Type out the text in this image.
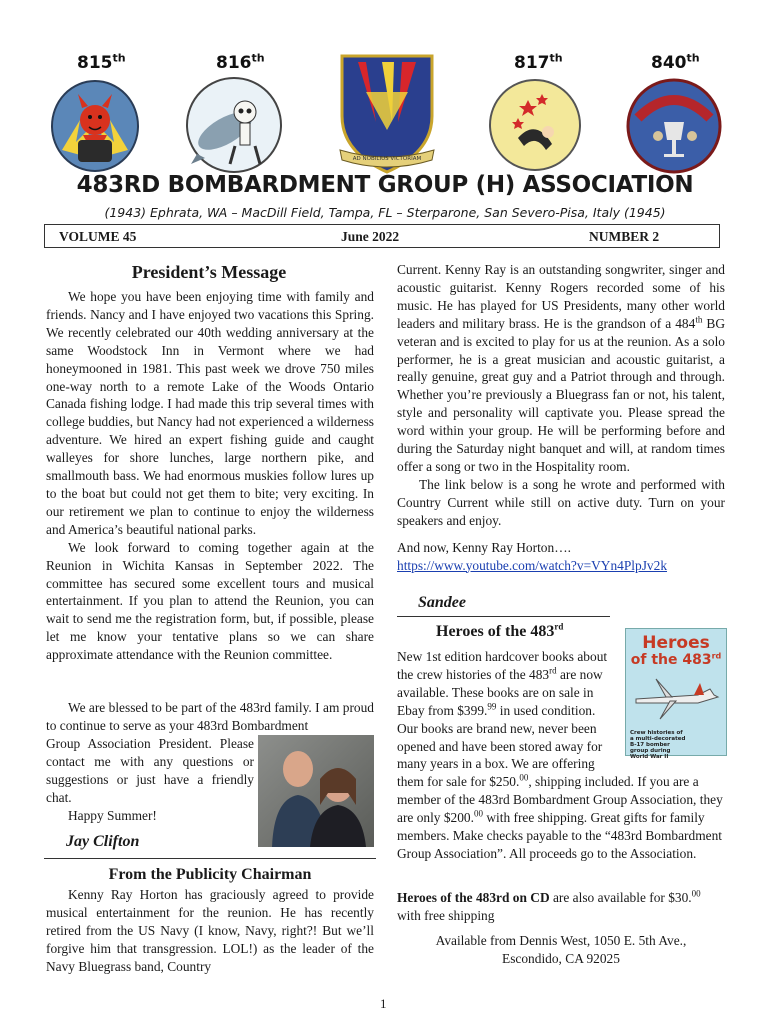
815th	816th	817th	840th
AD NOBILIUS VICTORIAM
483RD BOMBARDMENT GROUP (H) ASSOCIATION
(1943) Ephrata, WA – MacDill Field, Tampa, FL – Sterparone, San Severo-Pisa, Italy (1945)
VOLUME 45	June 2022	NUMBER 2
President’s Message

We hope you have been enjoying time with family and friends. Nancy and I have enjoyed two vacations this Spring. We recently celebrated our 40th wedding anniversary at the same Woodstock Inn in Vermont where we had honeymooned in 1981. This past week we drove 750 miles one-way north to a remote Lake of the Woods Ontario Canada fishing lodge. I had made this trip several times with college buddies, but Nancy had not experienced a wilderness adventure. We hired an expert fishing guide and caught walleyes for shore lunches, large northern pike, and smallmouth bass. We had enormous muskies follow lures up to the boat but could not get them to bite; very exciting. In our retirement we plan to continue to enjoy the wilderness and America’s beautiful national parks.

We look forward to coming together again at the Reunion in Wichita Kansas in September 2022. The committee has secured some excellent tours and musical entertainment. If you plan to attend the Reunion, you can wait to send me the registration form, but, if possible, please let me know your tentative plans so we can share approximate attendance with the Reunion committee.

We are blessed to be part of the 483rd family. I am proud to continue to serve as your 483rd Bombardment

Group Association President. Please contact me with any questions or suggestions or just have a friendly chat.

Happy Summer!

Jay Clifton
From the Publicity Chairman

Kenny Ray Horton has graciously agreed to provide musical entertainment for the reunion. He has recently retired from the US Navy (I know, Navy, right?! But we’ll forgive him that transgression. LOL!) as the leader of the Navy Bluegrass band, Country

Current. Kenny Ray is an outstanding songwriter, singer and acoustic guitarist. Kenny Rogers recorded some of his music. He has played for US Presidents, many other world leaders and military brass. He is the grandson of a 484th BG veteran and is excited to play for us at the reunion. As a solo performer, he is a great musician and acoustic guitarist, a really genuine, great guy and a Patriot through and through. Whether you’re previously a Bluegrass fan or not, his talent, style and personality will captivate you. Please spread the word within your group. He will be performing before and during the Saturday night banquet and will, at random times offer a song or two in the Hospitality room.

The link below is a song he wrote and performed with Country Current while still on active duty. Turn on your speakers and enjoy.

And now, Kenny Ray Horton….

https://www.youtube.com/watch?v=VYn4PlpJv2k

Sandee
Heroes of the 483rd
Heroes
of the 483rd
Crew histories of a multi-decorated B-17 bomber group during World War II

New 1st edition hardcover books about the crew histories of the 483rd are now available. These books are on sale in Ebay from $399.99 in used condition. Our books are brand new, never been opened and have been stored away for many years in a box. We are offering them for sale for $250.00, shipping included. If you are a member of the 483rd Bombardment Group Association, they are only $200.00 with free shipping. Great gifts for family members. Make checks payable to the “483rd Bombardment Group Association”. All proceeds go to the Association.

Heroes of the 483rd on CD are also available for $30.00 with free shipping

Available from Dennis West, 1050 E. 5th Ave.,

Escondido, CA 92025

1
